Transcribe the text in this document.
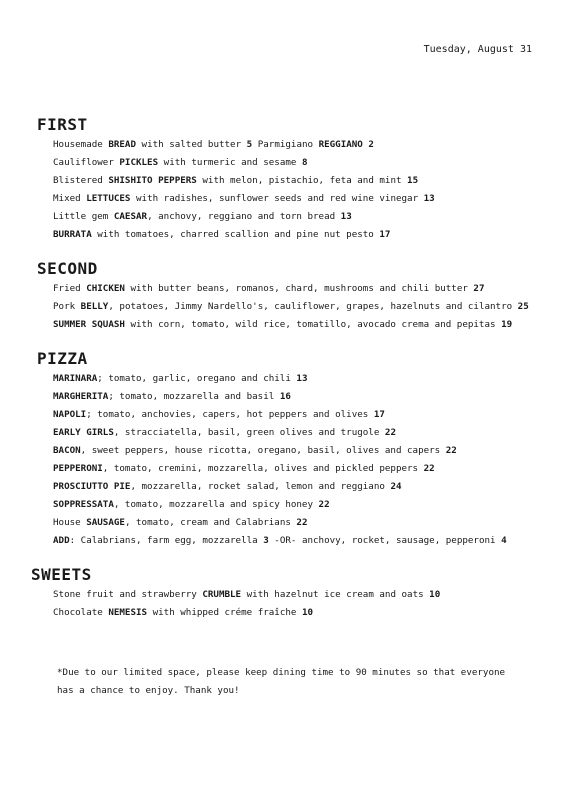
Tuesday, August 31
FIRST
Housemade BREAD with salted butter 5 Parmigiano REGGIANO 2
Cauliflower PICKLES with turmeric and sesame 8
Blistered SHISHITO PEPPERS with melon, pistachio, feta and mint 15
Mixed LETTUCES with radishes, sunflower seeds and red wine vinegar 13
Little gem CAESAR, anchovy, reggiano and torn bread 13
BURRATA with tomatoes, charred scallion and pine nut pesto 17
SECOND
Fried CHICKEN with butter beans, romanos, chard, mushrooms and chili butter 27
Pork BELLY, potatoes, Jimmy Nardello's, cauliflower, grapes, hazelnuts and cilantro 25
SUMMER SQUASH with corn, tomato, wild rice, tomatillo, avocado crema and pepitas 19
PIZZA
MARINARA; tomato, garlic, oregano and chili 13
MARGHERITA; tomato, mozzarella and basil 16
NAPOLI; tomato, anchovies, capers, hot peppers and olives 17
EARLY GIRLS, stracciatella, basil, green olives and trugole 22
BACON, sweet peppers, house ricotta, oregano, basil, olives and capers 22
PEPPERONI, tomato, cremini, mozzarella, olives and pickled peppers 22
PROSCIUTTO PIE, mozzarella, rocket salad, lemon and reggiano 24
SOPPRESSATA, tomato, mozzarella and spicy honey 22
House SAUSAGE, tomato, cream and Calabrians 22
ADD: Calabrians, farm egg, mozzarella 3 -OR- anchovy, rocket, sausage, pepperoni 4
SWEETS
Stone fruit and strawberry CRUMBLE with hazelnut ice cream and oats 10
Chocolate NEMESIS with whipped créme fraîche 10
*Due to our limited space, please keep dining time to 90 minutes so that everyone
has a chance to enjoy. Thank you!
